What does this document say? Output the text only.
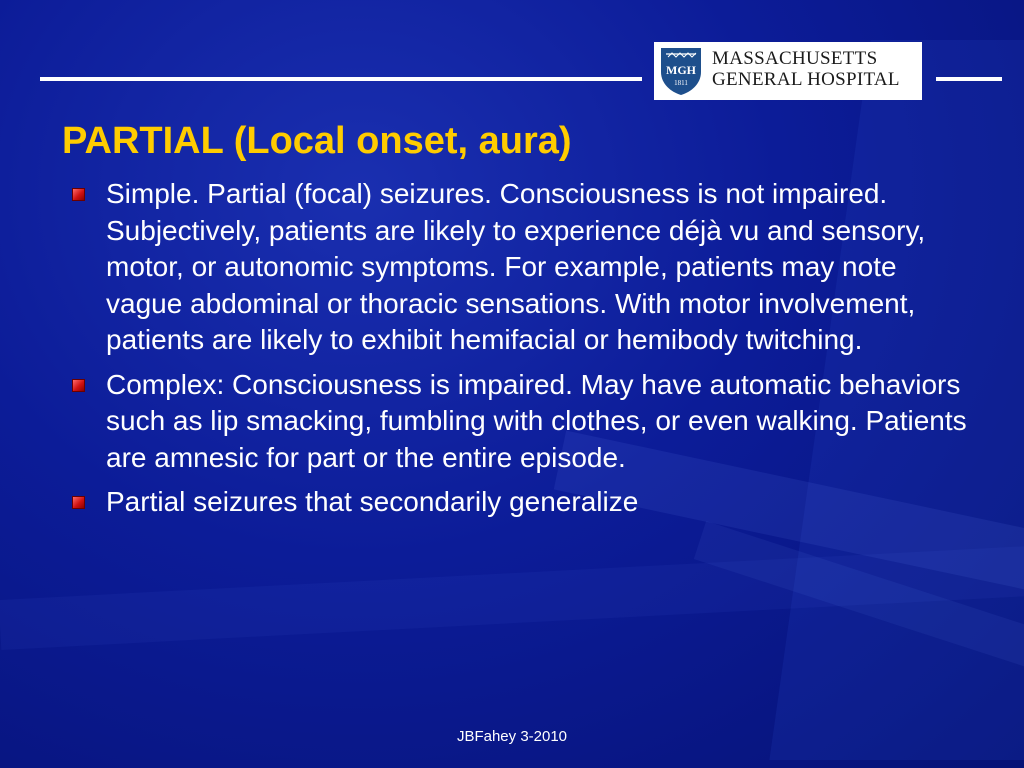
MGH
1811
MASSACHUSETTS
GENERAL HOSPITAL
PARTIAL (Local onset, aura)
Simple. Partial (focal) seizures. Consciousness is not impaired. Subjectively, patients are likely to experience déjà vu and sensory, motor, or autonomic symptoms. For example, patients may note vague abdominal or thoracic sensations. With motor involvement, patients are likely to exhibit hemifacial or hemibody twitching.
Complex: Consciousness is impaired. May have automatic behaviors such as lip smacking, fumbling with clothes, or even walking. Patients are amnesic for part or the entire episode.
Partial seizures that secondarily generalize
JBFahey 3-2010
